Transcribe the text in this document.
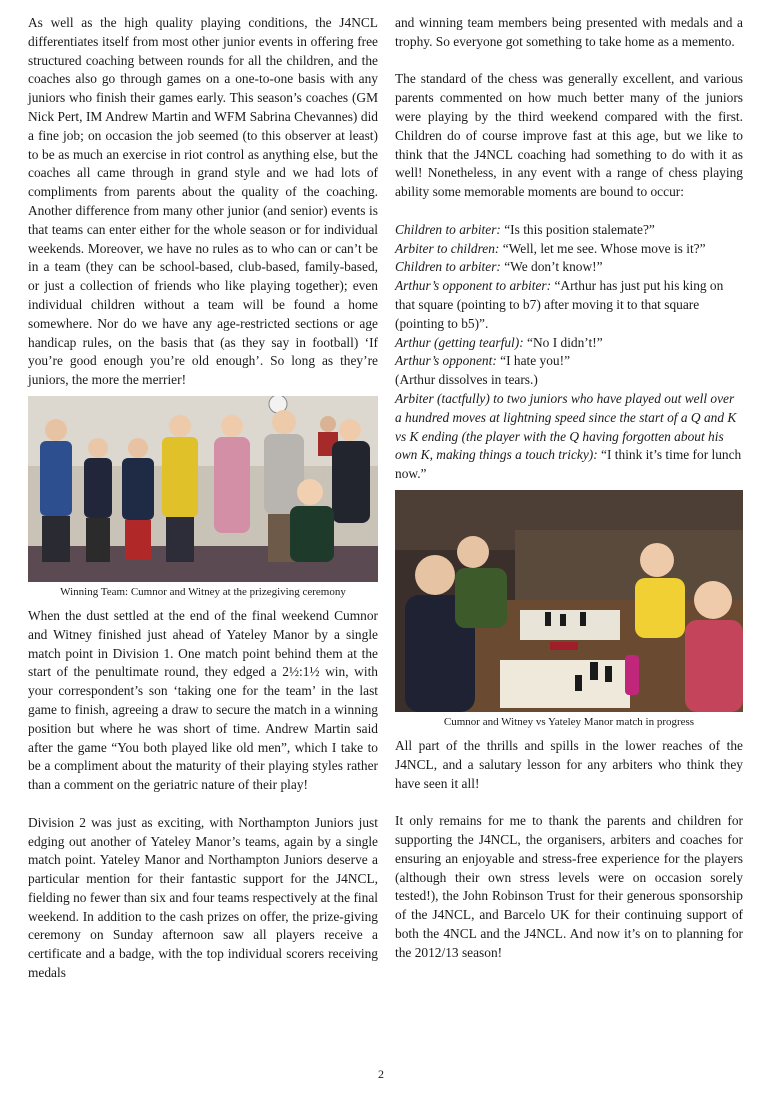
As well as the high quality playing conditions, the J4NCL differentiates itself from most other junior events in offering free structured coaching between rounds for all the children, and the coaches also go through games on a one-to-one basis with any juniors who finish their games early. This season’s coaches (GM Nick Pert, IM Andrew Martin and WFM Sabrina Chevannes) did a fine job; on occasion the job seemed (to this observer at least) to be as much an exercise in riot control as anything else, but the coaches all came through in grand style and we had lots of compliments from parents about the quality of the coaching. Another difference from many other junior (and senior) events is that teams can enter either for the whole season or for individual weekends. Moreover, we have no rules as to who can or can’t be in a team (they can be school-based, club-based, family-based, or just a collection of friends who like playing together); even individual children without a team will be found a home somewhere. Nor do we have any age-restricted sections or age handicap rules, on the basis that (as they say in football) ‘If you’re good enough you’re old enough’. So long as they’re juniors, the more the merrier!

Winning Team: Cumnor and Witney at the prizegiving ceremony

When the dust settled at the end of the final weekend Cumnor and Witney finished just ahead of Yateley Manor by a single match point in Division 1. One match point behind them at the start of the penultimate round, they edged a 2½:1½ win, with your correspondent’s son ‘taking one for the team’ in the last game to finish, agreeing a draw to secure the match in a winning position but where he was short of time. Andrew Martin said after the game “You both played like old men”, which I take to be a compliment about the maturity of their playing styles rather than a comment on the geriatric nature of their play!

Division 2 was just as exciting, with Northampton Juniors just edging out another of Yateley Manor’s teams, again by a single match point. Yateley Manor and Northampton Juniors deserve a particular mention for their fantastic support for the J4NCL, fielding no fewer than six and four teams respectively at the final weekend. In addition to the cash prizes on offer, the prize-giving ceremony on Sunday afternoon saw all players receive a certificate and a badge, with the top individual scorers receiving medals

and winning team members being presented with medals and a trophy. So everyone got something to take home as a memento.

The standard of the chess was generally excellent, and various parents commented on how much better many of the juniors were playing by the third weekend compared with the first. Children do of course improve fast at this age, but we like to think that the J4NCL coaching had something to do with it as well! Nonetheless, in any event with a range of chess playing ability some memorable moments are bound to occur:

Children to arbiter: “Is this position stalemate?”

Arbiter to children: “Well, let me see. Whose move is it?”

Children to arbiter: “We don’t know!”

Arthur’s opponent to arbiter: “Arthur has just put his king on that square (pointing to b7) after moving it to that square (pointing to b5)”.

Arthur (getting tearful): “No I didn’t!”

Arthur’s opponent: “I hate you!”

(Arthur dissolves in tears.)

Arbiter (tactfully) to two juniors who have played out well over a hundred moves at lightning speed since the start of a Q and K vs K ending (the player with the Q having forgotten about his own K, making things a touch tricky): “I think it’s time for lunch now.”

Cumnor and Witney vs Yateley Manor match in progress

All part of the thrills and spills in the lower reaches of the J4NCL, and a salutary lesson for any arbiters who think they have seen it all!

It only remains for me to thank the parents and children for supporting the J4NCL, the organisers, arbiters and coaches for ensuring an enjoyable and stress-free experience for the players (although their own stress levels were on occasion sorely tested!), the John Robinson Trust for their generous sponsorship of the J4NCL, and Barcelo UK for their continuing support of both the 4NCL and the J4NCL. And now it’s on to planning for the 2012/13 season!

2
